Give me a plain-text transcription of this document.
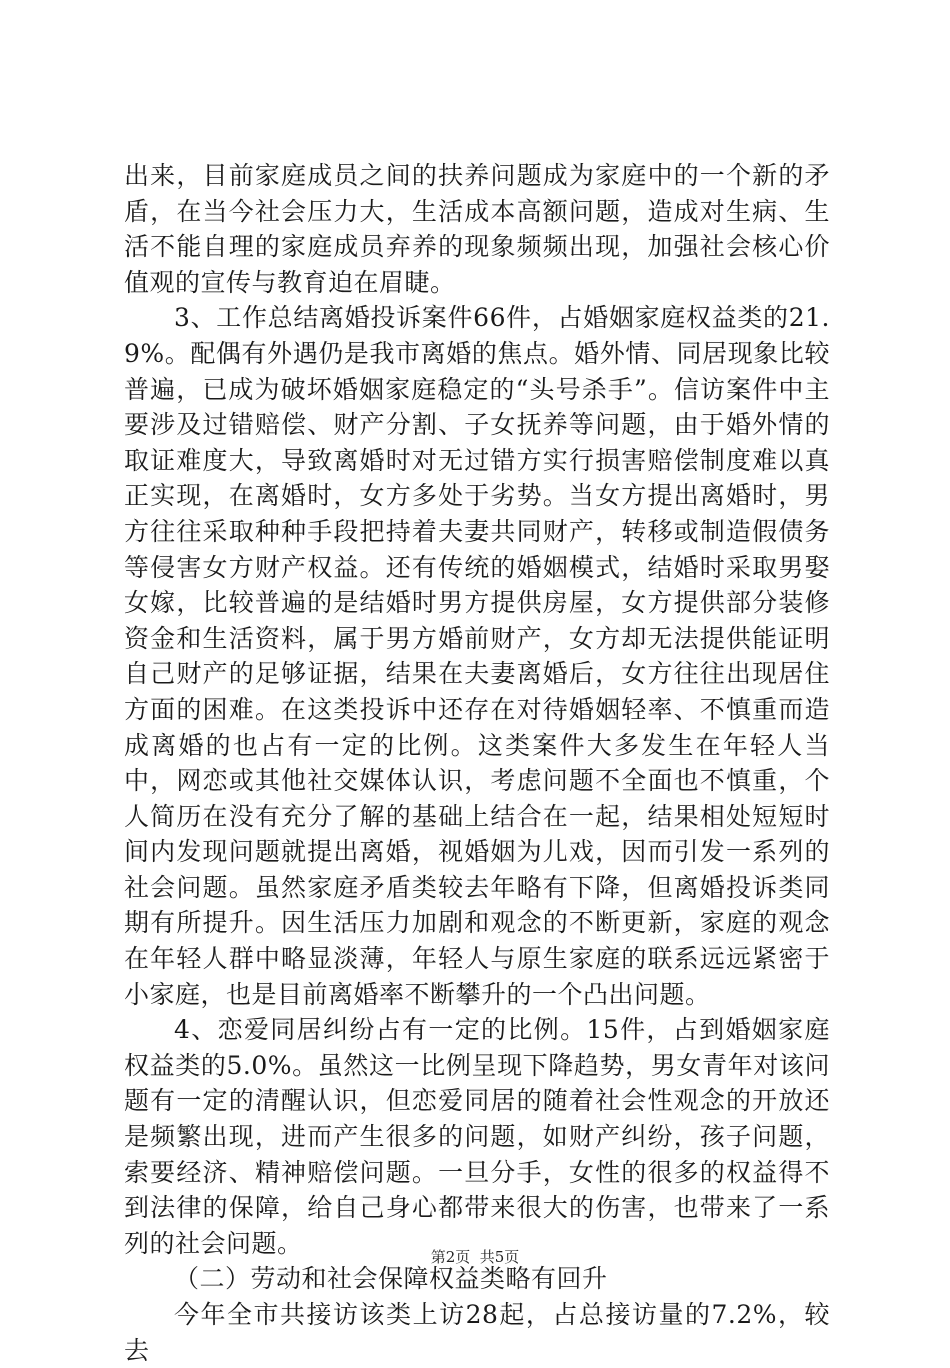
出来，目前家庭成员之间的扶养问题成为家庭中的一个新的矛盾，在当今社会压力大，生活成本高额问题，造成对生病、生活不能自理的家庭成员弃养的现象频频出现，加强社会核心价值观的宣传与教育迫在眉睫。

3、工作总结离婚投诉案件66件，占婚姻家庭权益类的21.9%。配偶有外遇仍是我市离婚的焦点。婚外情、同居现象比较普遍，已成为破坏婚姻家庭稳定的“头号杀手”。信访案件中主要涉及过错赔偿、财产分割、子女抚养等问题，由于婚外情的取证难度大，导致离婚时对无过错方实行损害赔偿制度难以真正实现，在离婚时，女方多处于劣势。当女方提出离婚时，男方往往采取种种手段把持着夫妻共同财产，转移或制造假债务等侵害女方财产权益。还有传统的婚姻模式，结婚时采取男娶女嫁，比较普遍的是结婚时男方提供房屋，女方提供部分装修资金和生活资料，属于男方婚前财产，女方却无法提供能证明自己财产的足够证据，结果在夫妻离婚后，女方往往出现居住方面的困难。在这类投诉中还存在对待婚姻轻率、不慎重而造成离婚的也占有一定的比例。这类案件大多发生在年轻人当中，网恋或其他社交媒体认识，考虑问题不全面也不慎重，个人简历在没有充分了解的基础上结合在一起，结果相处短短时间内发现问题就提出离婚，视婚姻为儿戏，因而引发一系列的社会问题。虽然家庭矛盾类较去年略有下降，但离婚投诉类同期有所提升。因生活压力加剧和观念的不断更新，家庭的观念在年轻人群中略显淡薄，年轻人与原生家庭的联系远远紧密于小家庭，也是目前离婚率不断攀升的一个凸出问题。

4、恋爱同居纠纷占有一定的比例。15件，占到婚姻家庭权益类的5.0%。虽然这一比例呈现下降趋势，男女青年对该问题有一定的清醒认识，但恋爱同居的随着社会性观念的开放还是频繁出现，进而产生很多的问题，如财产纠纷，孩子问题，索要经济、精神赔偿问题。一旦分手，女性的很多的权益得不到法律的保障，给自己身心都带来很大的伤害，也带来了一系列的社会问题。

（二）劳动和社会保障权益类略有回升

今年全市共接访该类上访28起，占总接访量的7.2%，较去

第2页  共5页
